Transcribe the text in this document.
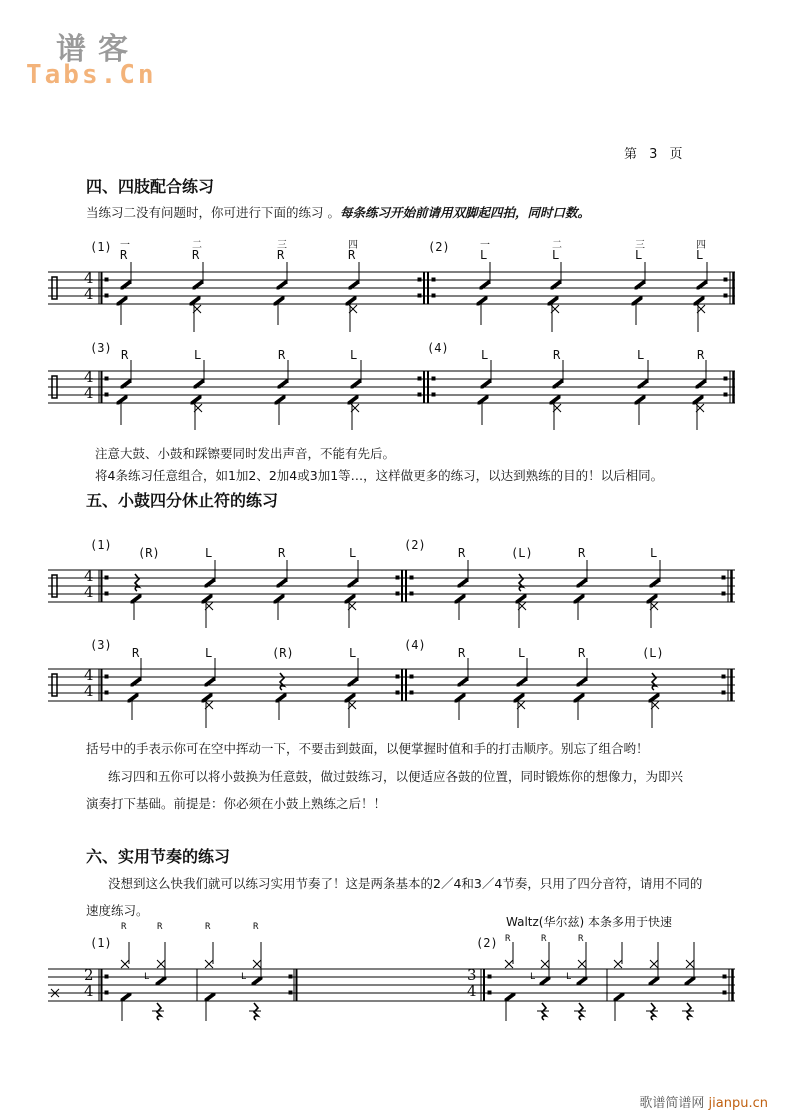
谱客
Tabs.Cn
第 3 页
四、四肢配合练习
当练习二没有问题时，你可进行下面的练习 。每条练习开始前请用双脚起四拍，同时口数。
(1)	(2)
(3)	(4)
一	二	三	四
R	R	R	R
一	二	三	四
L	L	L	L
R	L	R	L	L	R	L	R
注意大鼓、小鼓和踩镲要同时发出声音，不能有先后。
将4条练习任意组合，如1加2、2加4或3加1等…，这样做更多的练习，以达到熟练的目的！以后相同。
五、小鼓四分休止符的练习
(1)	(2)
(3)	(4)
(R)	L	R	L	R	(L)	R	L
R	L	(R)	L	R	L	R	(L)
括号中的手表示你可在空中挥动一下，不要击到鼓面，以便掌握时值和手的打击顺序。别忘了组合哟！
练习四和五你可以将小鼓换为任意鼓，做过鼓练习，以便适应各鼓的位置，同时锻炼你的想像力，为即兴
演奏打下基础。前提是：你必须在小鼓上熟练之后！！
六、实用节奏的练习
没想到这么快我们就可以练习实用节奏了！这是两条基本的2／4和3／4节奏，只用了四分音符，请用不同的
速度练习。
Waltz(华尔兹) 本条多用于快速
(1)	(2)
R	R	R	R
L	L
R	R	R
L	L
4
4
4
4
4
4
4
4
2
4
3
4
歌谱简谱网 jianpu.cn
